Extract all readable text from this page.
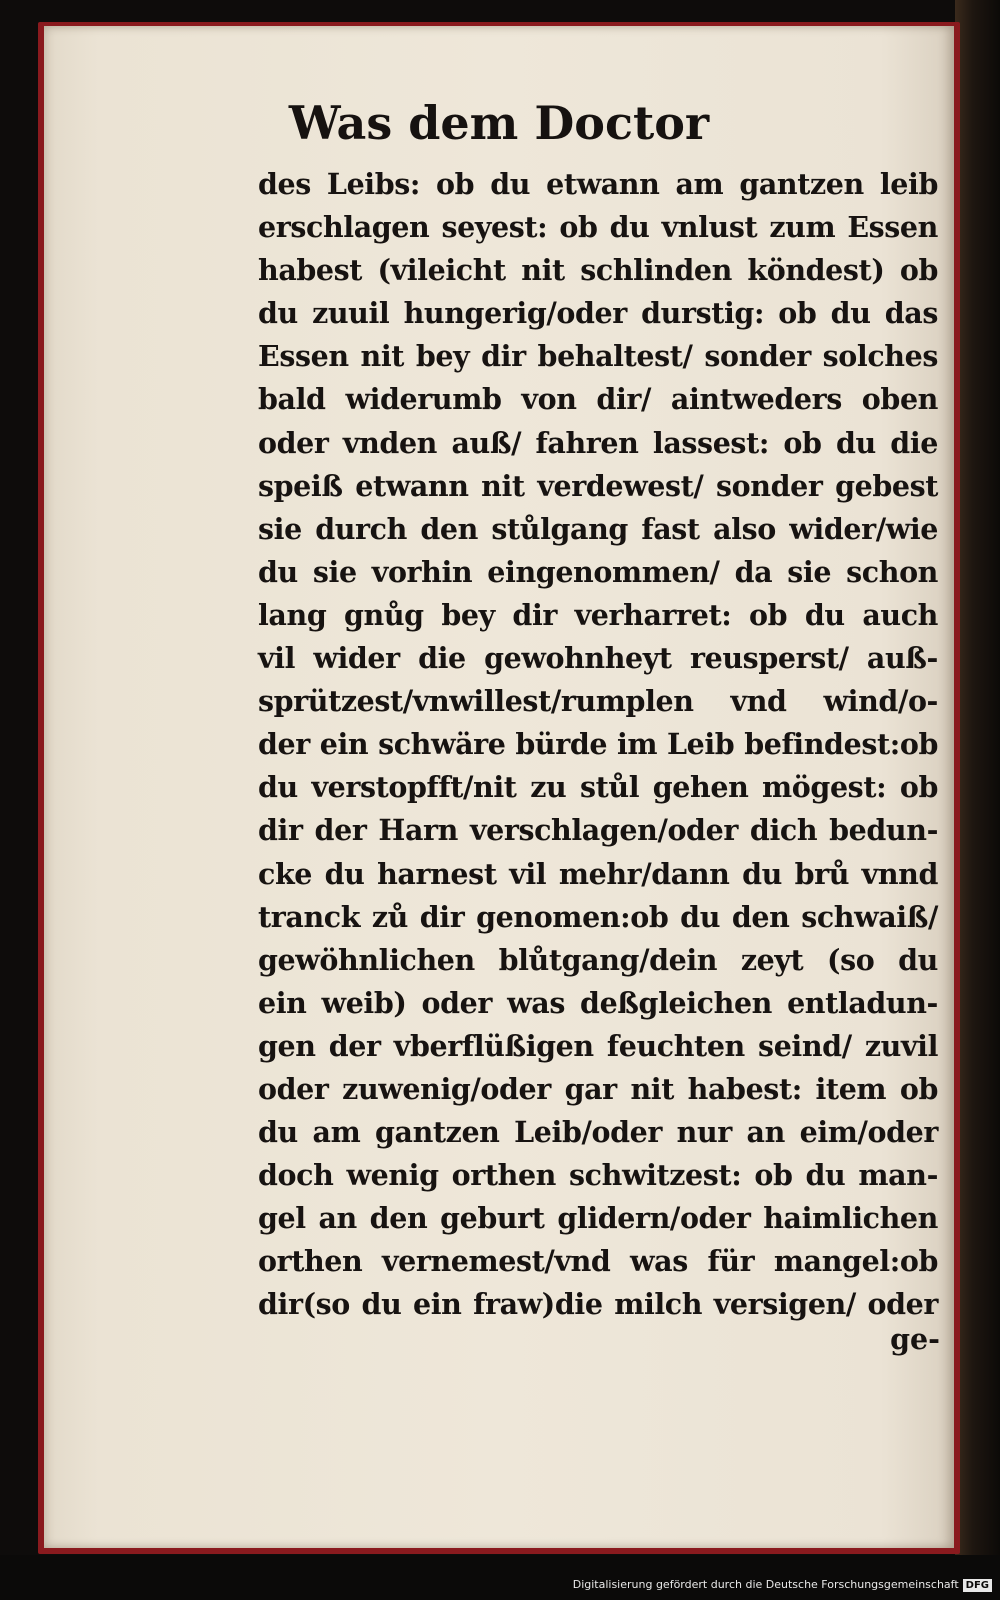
Was dem Doctor
des Leibs: ob du etwann am gantzen leib
erschlagen seyest: ob du vnlust zum Essen
habest (vileicht nit schlinden köndest) ob
du zuuil hungerig/oder durstig: ob du das
Essen nit bey dir behaltest/ sonder solches
bald widerumb von dir/ aintweders oben
oder vnden auß/ fahren lassest: ob du die
speiß etwann nit verdewest/ sonder gebest
sie durch den stůlgang fast also wider/wie
du sie vorhin eingenommen/ da sie schon
lang gnůg bey dir verharret: ob du auch
vil wider die gewohnheyt reusperst/ auß-
sprützest/vnwillest/rumplen vnd wind/o-
der ein schwäre bürde im Leib befindest:ob
du verstopfft/nit zu stůl gehen mögest: ob
dir der Harn verschlagen/oder dich bedun-
cke du harnest vil mehr/dann du brů vnnd
tranck zů dir genomen:ob du den schwaiß/
gewöhnlichen blůtgang/dein zeyt (so du
ein weib) oder was deßgleichen entladun-
gen der vberflüßigen feuchten seind/ zuvil
oder zuwenig/oder gar nit habest: item ob
du am gantzen Leib/oder nur an eim/oder
doch wenig orthen schwitzest: ob du man-
gel an den geburt glidern/oder haimlichen
orthen vernemest/vnd was für mangel:ob
dir(so du ein fraw)die milch versigen/ oder
ge-
Digitalisierung gefördert durch die Deutsche Forschungsgemeinschaft DFG
